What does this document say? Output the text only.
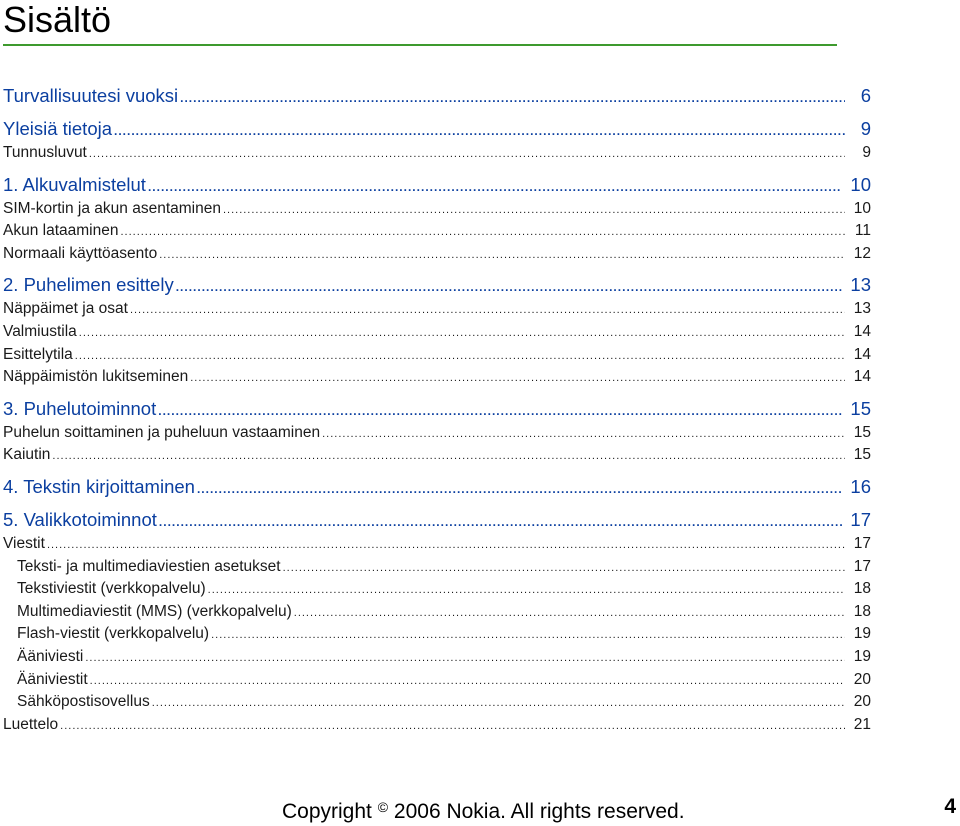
Sisältö
Turvallisuutesi vuoksi .....	6
Yleisiä tietoja .....	9
Tunnusluvut .....	9
1. Alkuvalmistelut .....	10
SIM-kortin ja akun asentaminen .....	10
Akun lataaminen .....	11
Normaali käyttöasento .....	12
2. Puhelimen esittely .....	13
Näppäimet ja osat .....	13
Valmiustila .....	14
Esittelytila .....	14
Näppäimistön lukitseminen .....	14
3. Puhelutoiminnot .....	15
Puhelun soittaminen ja puheluun vastaaminen .....	15
Kaiutin .....	15
4. Tekstin kirjoittaminen .....	16
5. Valikkotoiminnot .....	17
Viestit .....	17
Teksti- ja multimediaviestien asetukset .....	17
Tekstiviestit (verkkopalvelu) .....	18
Multimediaviestit (MMS) (verkkopalvelu) .....	18
Flash-viestit (verkkopalvelu) .....	19
Ääniviesti .....	19
Ääniviestit .....	20
Sähköpostisovellus .....	20
Luettelo .....	21
Copyright © 2006 Nokia. All rights reserved.	4
